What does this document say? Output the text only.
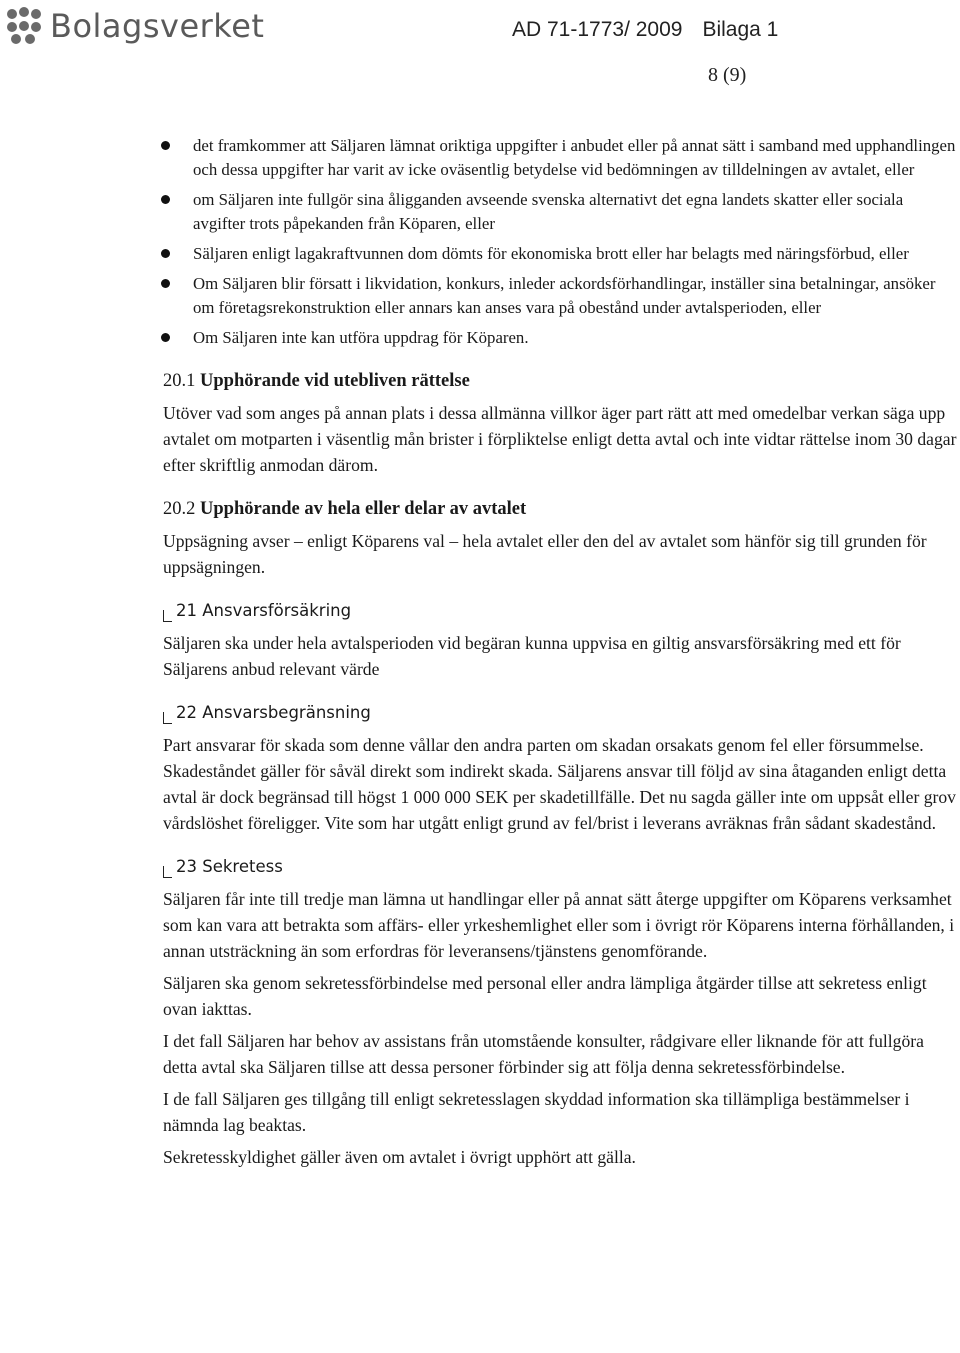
Bolagsverket	AD 71-1773/ 2009 Bilaga 1
8 (9)
det framkommer att Säljaren lämnat oriktiga uppgifter i anbudet eller på annat sätt i samband med upphandlingen och dessa uppgifter har varit av icke oväsentlig betydelse vid bedömningen av tilldelningen av avtalet, eller
om Säljaren inte fullgör sina åligganden avseende svenska alternativt det egna landets skatter eller sociala avgifter trots påpekanden från Köparen, eller
Säljaren enligt lagakraftvunnen dom dömts för ekonomiska brott eller har belagts med näringsförbud, eller
Om Säljaren blir försatt i likvidation, konkurs, inleder ackordsförhandlingar, inställer sina betalningar, ansöker om företagsrekonstruktion eller annars kan anses vara på obestånd under avtalsperioden, eller
Om Säljaren inte kan utföra uppdrag för Köparen.
20.1 Upphörande vid utebliven rättelse

Utöver vad som anges på annan plats i dessa allmänna villkor äger part rätt att med omedelbar verkan säga upp avtalet om motparten i väsentlig mån brister i förpliktelse enligt detta avtal och inte vidtar rättelse inom 30 dagar efter skriftlig anmodan därom.

20.2 Upphörande av hela eller delar av avtalet

Uppsägning avser – enligt Köparens val – hela avtalet eller den del av avtalet som hänför sig till grunden för uppsägningen.

21 Ansvarsförsäkring

Säljaren ska under hela avtalsperioden vid begäran kunna uppvisa en giltig ansvarsförsäkring med ett för Säljarens anbud relevant värde

22 Ansvarsbegränsning

Part ansvarar för skada som denne vållar den andra parten om skadan orsakats genom fel eller försummelse. Skadeståndet gäller för såväl direkt som indirekt skada. Säljarens ansvar till följd av sina åtaganden enligt detta avtal är dock begränsad till högst 1 000 000 SEK per skadetillfälle. Det nu sagda gäller inte om uppsåt eller grov vårdslöshet föreligger. Vite som har utgått enligt grund av fel/brist i leverans avräknas från sådant skadestånd.

23 Sekretess

Säljaren får inte till tredje man lämna ut handlingar eller på annat sätt återge uppgifter om Köparens verksamhet som kan vara att betrakta som affärs- eller yrkeshemlighet eller som i övrigt rör Köparens interna förhållanden, i annan utsträckning än som erfordras för leveransens/tjänstens genomförande.

Säljaren ska genom sekretessförbindelse med personal eller andra lämpliga åtgärder tillse att sekretess enligt ovan iakttas.

I det fall Säljaren har behov av assistans från utomstående konsulter, rådgivare eller liknande för att fullgöra detta avtal ska Säljaren tillse att dessa personer förbinder sig att följa denna sekretessförbindelse.

I de fall Säljaren ges tillgång till enligt sekretesslagen skyddad information ska tillämpliga bestämmelser i nämnda lag beaktas.

Sekretesskyldighet gäller även om avtalet i övrigt upphört att gälla.
